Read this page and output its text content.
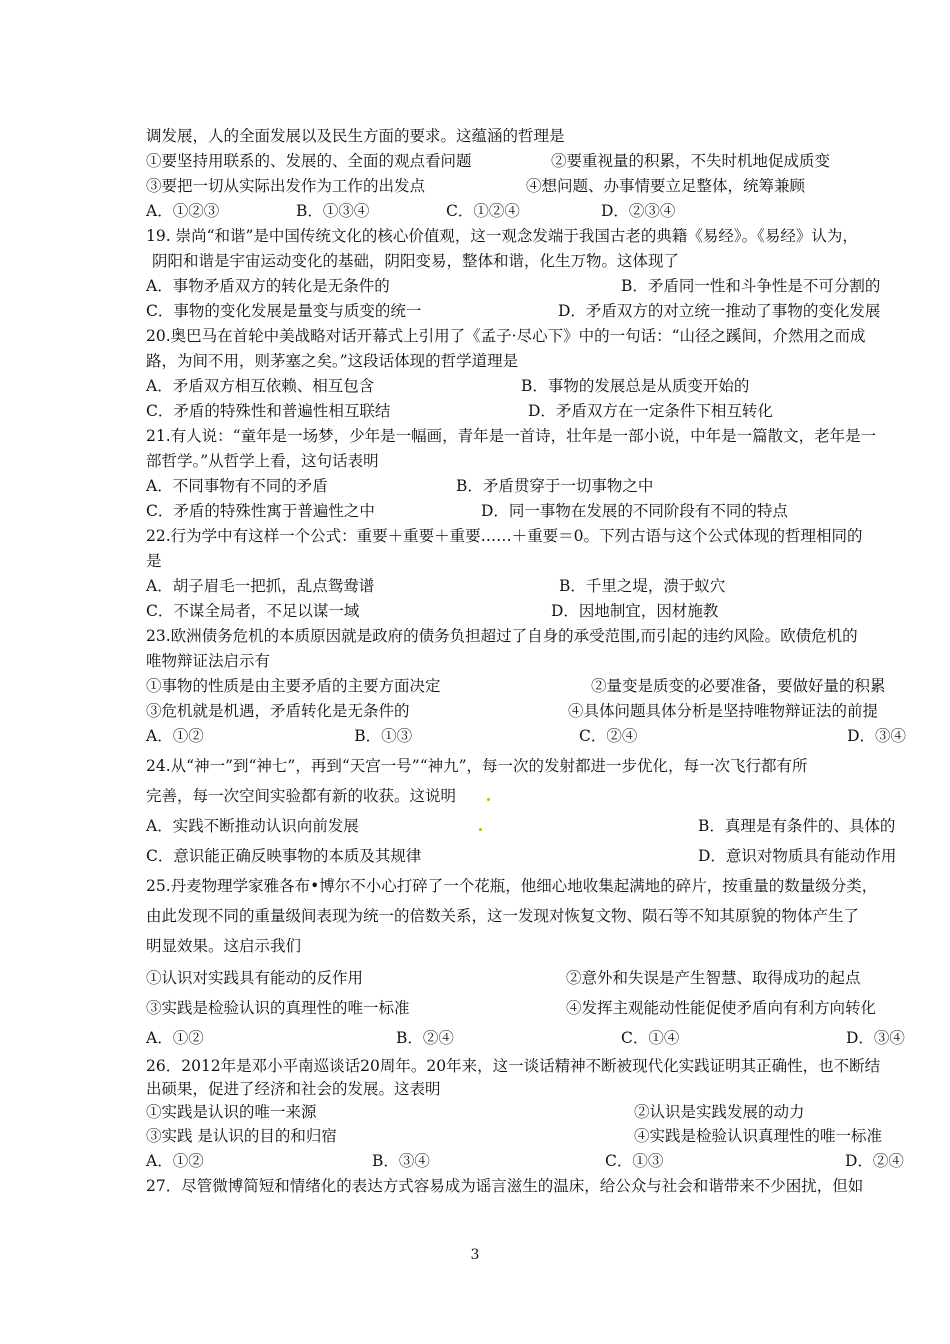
调发展，人的全面发展以及民生方面的要求。这蕴涵的哲理是
①要坚持用联系的、发展的、全面的观点看问题	②要重视量的积累，不失时机地促成质变
③要把一切从实际出发作为工作的出发点	④想问题、办事情要立足整体，统筹兼顾
A．①②③	B．①③④	C．①②④	D．②③④
19. 崇尚“和谐”是中国传统文化的核心价值观，这一观念发端于我国古老的典籍《易经》。《易经》认为，
阴阳和谐是宇宙运动变化的基础，阴阳变易，整体和谐，化生万物。这体现了
A．事物矛盾双方的转化是无条件的	B．矛盾同一性和斗争性是不可分割的
C．事物的变化发展是量变与质变的统一	D．矛盾双方的对立统一推动了事物的变化发展
20.奥巴马在首轮中美战略对话开幕式上引用了《孟子·尽心下》中的一句话：“山径之蹊间，介然用之而成
路，为间不用，则茅塞之矣。”这段话体现的哲学道理是
A．矛盾双方相互依赖、相互包含	B．事物的发展总是从质变开始的
C．矛盾的特殊性和普遍性相互联结	D．矛盾双方在一定条件下相互转化
21.有人说：“童年是一场梦，少年是一幅画，青年是一首诗，壮年是一部小说，中年是一篇散文，老年是一
部哲学。”从哲学上看，这句话表明
A．不同事物有不同的矛盾	B．矛盾贯穿于一切事物之中
C．矛盾的特殊性寓于普遍性之中	D．同一事物在发展的不同阶段有不同的特点
22.行为学中有这样一个公式：重要＋重要＋重要……＋重要＝0。下列古语与这个公式体现的哲理相同的
是
A．胡子眉毛一把抓，乱点鸳鸯谱	B．千里之堤，溃于蚁穴
C．不谋全局者，不足以谋一域	D．因地制宜，因材施教
23.欧洲债务危机的本质原因就是政府的债务负担超过了自身的承受范围,而引起的违约风险。欧债危机的
唯物辩证法启示有
①事物的性质是由主要矛盾的主要方面决定	②量变是质变的必要准备，要做好量的积累
③危机就是机遇，矛盾转化是无条件的	④具体问题具体分析是坚持唯物辩证法的前提
A．①②	B．①③	C．②④	D．③④
24.从“神一”到“神七”，再到“天宫一号”“神九”，每一次的发射都进一步优化，每一次飞行都有所
完善，每一次空间实验都有新的收获。这说明
A．实践不断推动认识向前发展	B．真理是有条件的、具体的
C．意识能正确反映事物的本质及其规律	D．意识对物质具有能动作用
25.丹麦物理学家雅各布•博尔不小心打碎了一个花瓶，他细心地收集起满地的碎片，按重量的数量级分类，
由此发现不同的重量级间表现为统一的倍数关系，这一发现对恢复文物、陨石等不知其原貌的物体产生了
明显效果。这启示我们
①认识对实践具有能动的反作用	②意外和失误是产生智慧、取得成功的起点
③实践是检验认识的真理性的唯一标准	④发挥主观能动性能促使矛盾向有利方向转化
A．①②	B．②④	C．①④	D．③④
26．2012年是邓小平南巡谈话20周年。20年来，这一谈话精神不断被现代化实践证明其正确性，也不断结
出硕果，促进了经济和社会的发展。这表明
①实践是认识的唯一来源	②认识是实践发展的动力
③实践 是认识的目的和归宿	④实践是检验认识真理性的唯一标准
A．①②	B．③④	C．①③	D．②④
27．尽管微博简短和情绪化的表达方式容易成为谣言滋生的温床，给公众与社会和谐带来不少困扰，但如
3
